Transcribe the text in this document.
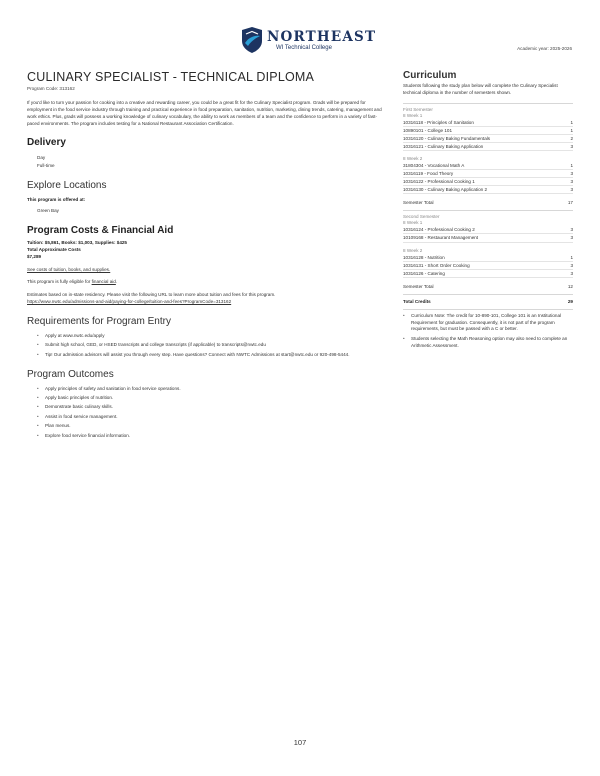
NORTHEAST
WI Technical College	Academic year: 2025-2026
CULINARY SPECIALIST - TECHNICAL DIPLOMA
Program Code: 313162

If you'd like to turn your passion for cooking into a creative and rewarding career, you could be a great fit for the Culinary Specialist program. Grads will be prepared for employment in the food service industry through training and practical experience in food preparation, sanitation, nutrition, marketing, dining trends, catering, management and work ethics. Plus, grads will possess a working knowledge of culinary vocabulary, the ability to work as members of a team and the confidence to perform in a variety of fast-paced environments. The program includes testing for a National Restaurant Association Certification.

Delivery
Day
Full-time
Explore Locations
This program is offered at:
Green Bay
Program Costs & Financial Aid
Tuition: $5,861, Books: $1,003, Supplies: $425
Total Approximate Costs
$7,289
See costs of tuition, books, and supplies.
This program is fully eligible for financial aid.
Estimates based on in-state residency. Please visit the following URL to learn more about tuition and fees for this program.
https://www.nwtc.edu/admissions-and-aid/paying-for-college/tuition-and-fees?ProgramCode=313162
Requirements for Program Entry
• Apply at www.nwtc.edu/apply
• Submit high school, GED, or HSED transcripts and college transcripts (if applicable) to transcripts@nwtc.edu
• Tip! Our admission advisors will assist you through every step. Have questions? Connect with NWTC Admissions at start@nwtc.edu or 920-498-5444.
Program Outcomes
• Apply principles of safety and sanitation in food service operations.
• Apply basic principles of nutrition.
• Demonstrate basic culinary skills.
• Assist in food service management.
• Plan menus.
• Explore food service financial information.
Curriculum

Students following the study plan below will complete the Culinary Specialist technical diploma in the number of semesters shown.

First Semester
8 Week 1
10316118 - Principles of Sanitation	1
10890101 - College 101	1
10316120 - Culinary Baking Fundamentals	2
10316121 - Culinary Baking Application	3
8 Week 2
31804304 - Vocational Math A	1
10316119 - Food Theory	3
10316122 - Professional Cooking 1	3
10316130 - Culinary Baking Application 2	3
Semester Total	17
Second Semester
8 Week 1
10316124 - Professional Cooking 2	3
10109168 - Restaurant Management	3
8 Week 2
10316128 - Nutrition	1
10316131 - Short Order Cooking	3
10316126 - Catering	3
Semester Total	12
Total Credits	29
• Curriculum Note: The credit for 10-890-101, College 101 is an Institutional Requirement for graduation. Consequently, it is not part of the program requirements, but must be passed with a C or better.
• Students selecting the Math Reasoning option may also need to complete an Arithmetic Assessment.
107
